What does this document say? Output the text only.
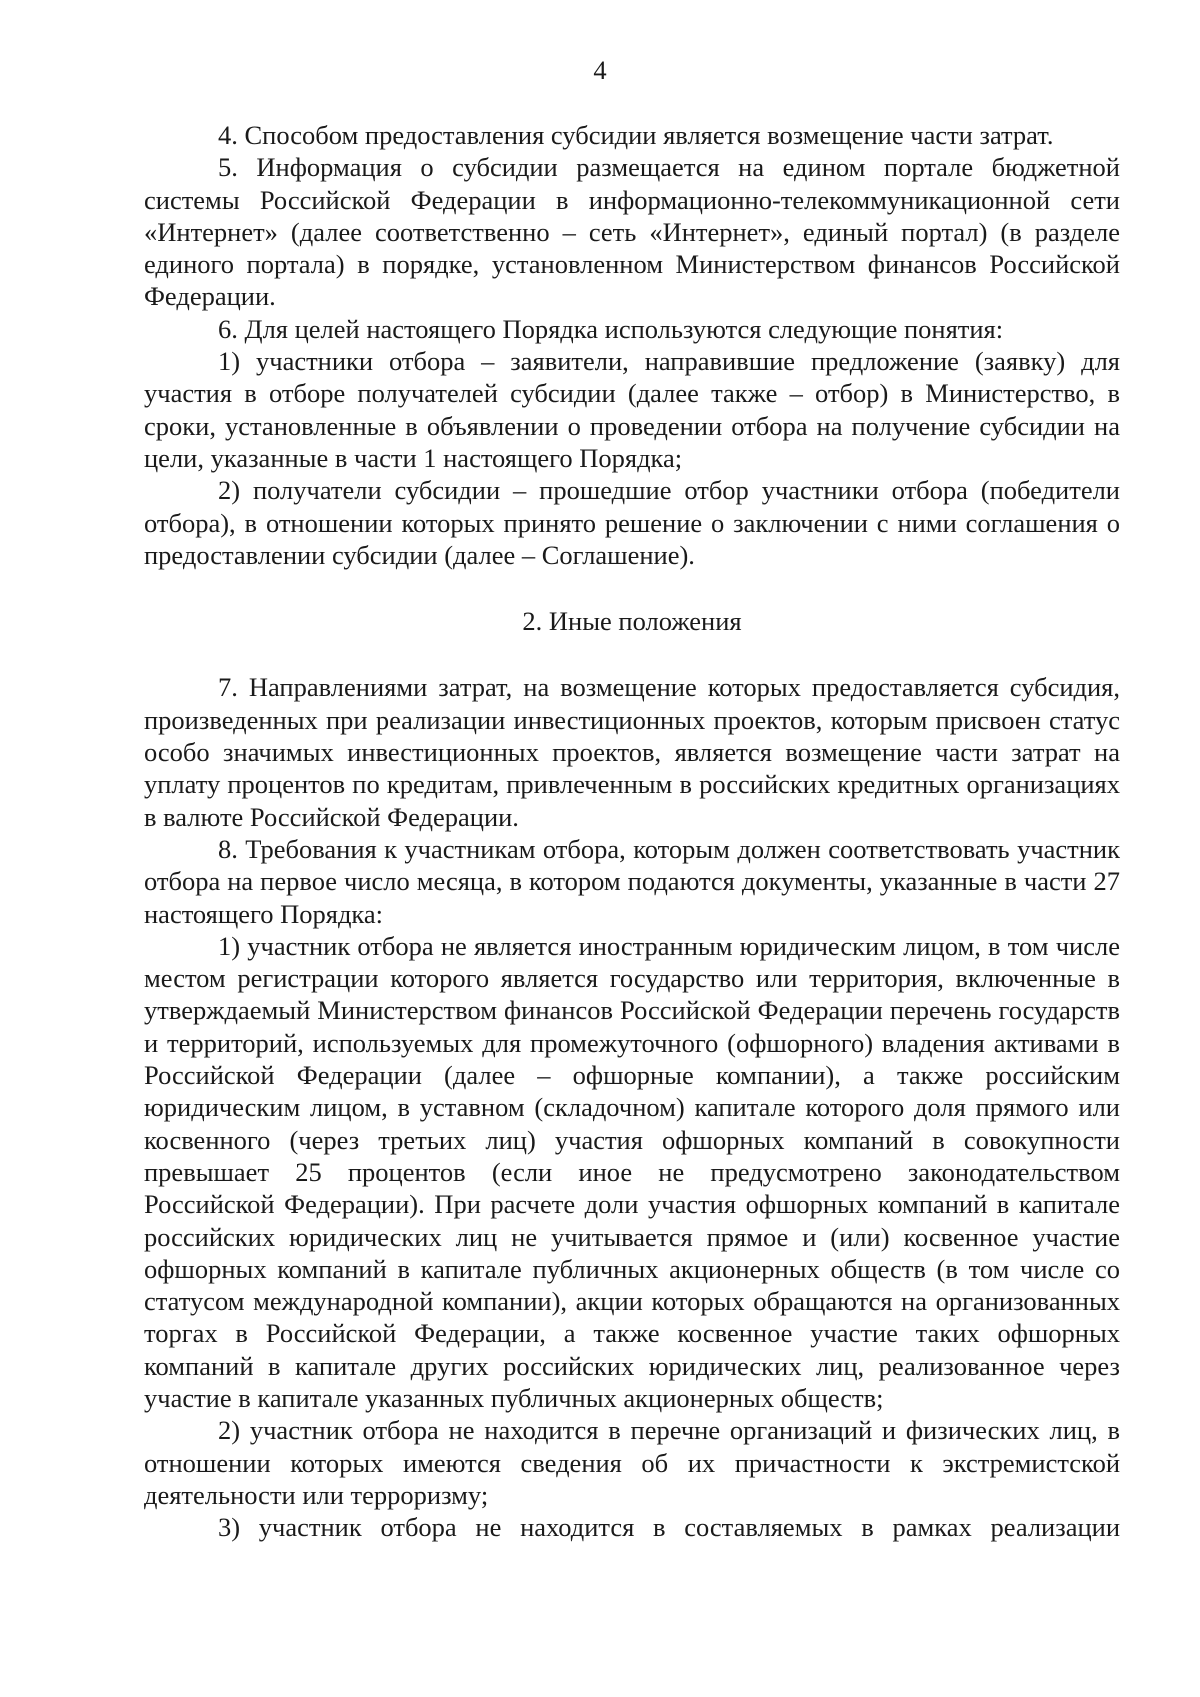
4

4. Способом предоставления субсидии является возмещение части затрат.

5. Информация о субсидии размещается на едином портале бюджетной системы Российской Федерации в информационно-телекоммуникационной сети «Интернет» (далее соответственно – сеть «Интернет», единый портал) (в разделе единого портала) в порядке, установленном Министерством финансов Российской Федерации.

6. Для целей настоящего Порядка используются следующие понятия:

1) участники отбора – заявители, направившие предложение (заявку) для участия в отборе получателей субсидии (далее также – отбор) в Министерство, в сроки, установленные в объявлении о проведении отбора на получение субсидии на цели, указанные в части 1 настоящего Порядка;

2) получатели субсидии – прошедшие отбор участники отбора (победители отбора), в отношении которых принято решение о заключении с ними соглашения о предоставлении субсидии (далее – Соглашение).

2. Иные положения

7. Направлениями затрат, на возмещение которых предоставляется субсидия, произведенных при реализации инвестиционных проектов, которым присвоен статус особо значимых инвестиционных проектов, является возмещение части затрат на уплату процентов по кредитам, привлеченным в российских кредитных организациях в валюте Российской Федерации.

8. Требования к участникам отбора, которым должен соответствовать участник отбора на первое число месяца, в котором подаются документы, указанные в части 27 настоящего Порядка:

1) участник отбора не является иностранным юридическим лицом, в том числе местом регистрации которого является государство или территория, включенные в утверждаемый Министерством финансов Российской Федерации перечень государств и территорий, используемых для промежуточного (офшорного) владения активами в Российской Федерации (далее – офшорные компании), а также российским юридическим лицом, в уставном (складочном) капитале которого доля прямого или косвенного (через третьих лиц) участия офшорных компаний в совокупности превышает 25 процентов (если иное не предусмотрено законодательством Российской Федерации). При расчете доли участия офшорных компаний в капитале российских юридических лиц не учитывается прямое и (или) косвенное участие офшорных компаний в капитале публичных акционерных обществ (в том числе со статусом международной компании), акции которых обращаются на организованных торгах в Российской Федерации, а также косвенное участие таких офшорных компаний в капитале других российских юридических лиц, реализованное через участие в капитале указанных публичных акционерных обществ;

2) участник отбора не находится в перечне организаций и физических лиц, в отношении которых имеются сведения об их причастности к экстремистской деятельности или терроризму;

3) участник отбора не находится в составляемых в рамках реализации
